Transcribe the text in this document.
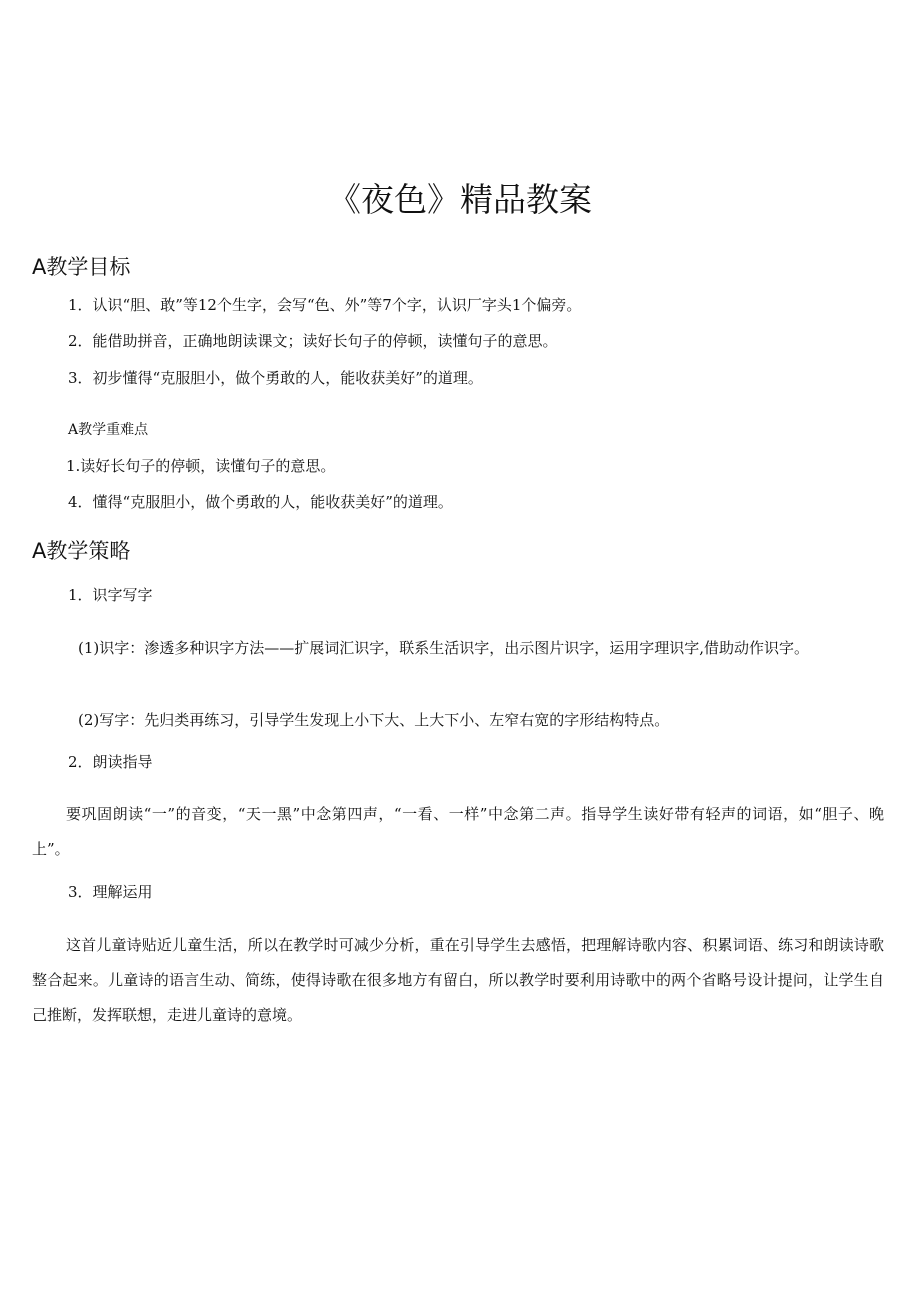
《夜色》精品教案
A教学目标
1．认识“胆、敢”等12个生字，会写“色、外”等7个字，认识厂字头1个偏旁。
2．能借助拼音，正确地朗读课文；读好长句子的停顿，读懂句子的意思。
3．初步懂得“克服胆小，做个勇敢的人，能收获美好”的道理。
A教学重难点
1.读好长句子的停顿，读懂句子的意思。
4．懂得“克服胆小，做个勇敢的人，能收获美好”的道理。
A教学策略
1．识字写字
(1)识字：渗透多种识字方法——扩展词汇识字，联系生活识字，出示图片识字，运用字理识字,借助动作识字。
(2)写字：先归类再练习，引导学生发现上小下大、上大下小、左窄右宽的字形结构特点。
2．朗读指导
要巩固朗读“一”的音变，“天一黑”中念第四声，“一看、一样”中念第二声。指导学生读好带有轻声的词语，如“胆子、晚上”。
3．理解运用
这首儿童诗贴近儿童生活，所以在教学时可减少分析，重在引导学生去感悟，把理解诗歌内容、积累词语、练习和朗读诗歌整合起来。儿童诗的语言生动、简练，使得诗歌在很多地方有留白，所以教学时要利用诗歌中的两个省略号设计提问，让学生自己推断，发挥联想，走进儿童诗的意境。
